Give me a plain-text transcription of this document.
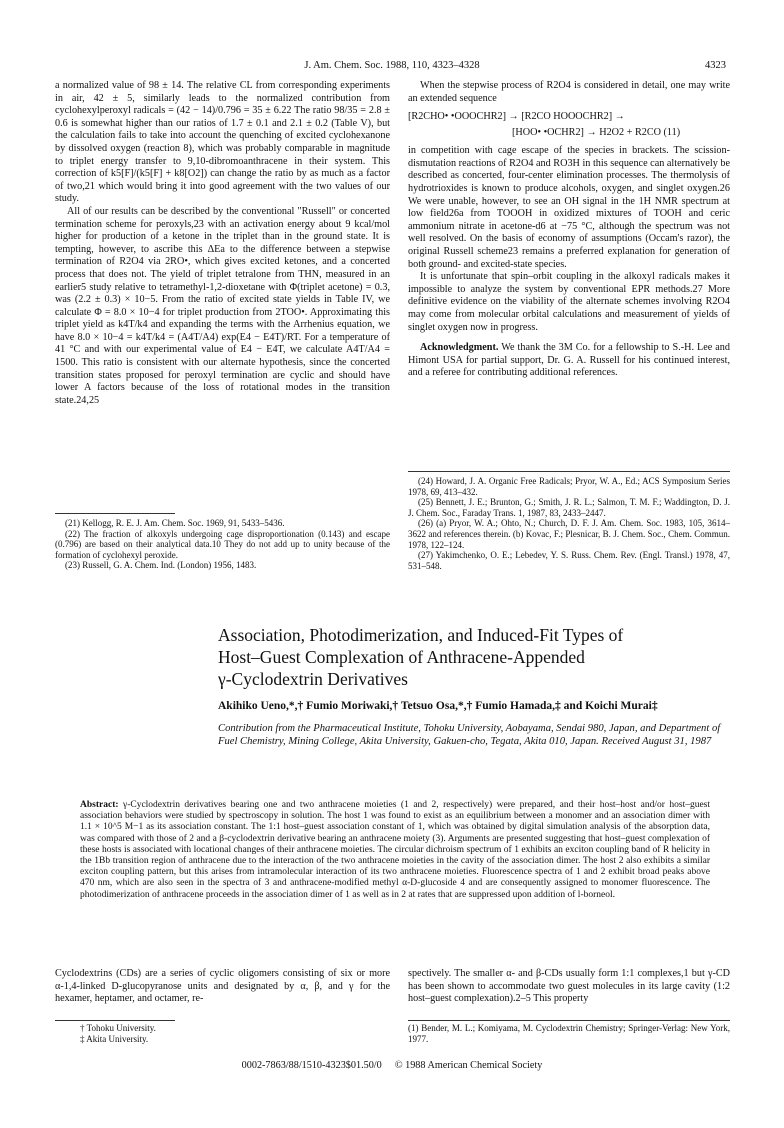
J. Am. Chem. Soc. 1988, 110, 4323–4328	4323

a normalized value of 98 ± 14. The relative CL from corresponding experiments in air, 42 ± 5, similarly leads to the normalized contribution from cyclohexylperoxyl radicals = (42 − 14)/0.796 = 35 ± 6.22 The ratio 98/35 = 2.8 ± 0.6 is somewhat higher than our ratios of 1.7 ± 0.1 and 2.1 ± 0.2 (Table V), but the calculation fails to take into account the quenching of excited cyclohexanone by dissolved oxygen (reaction 8), which was probably comparable in magnitude to triplet energy transfer to 9,10-dibromoanthracene in their system. This correction of k5[F]/(k5[F] + k8[O2]) can change the ratio by as much as a factor of two,21 which would bring it into good agreement with the two values of our study.

All of our results can be described by the conventional "Russell" or concerted termination scheme for peroxyls,23 with an activation energy about 9 kcal/mol higher for production of a ketone in the triplet than in the ground state. It is tempting, however, to ascribe this ΔEa to the difference between a stepwise termination of R2O4 via 2RO•, which gives excited ketones, and a concerted process that does not. The yield of triplet tetralone from THN, measured in an earlier5 study relative to tetramethyl-1,2-dioxetane with Φ(triplet acetone) = 0.3, was (2.2 ± 0.3) × 10−5. From the ratio of excited state yields in Table IV, we calculate Φ = 8.0 × 10−4 for triplet production from 2TOO•. Approximating this triplet yield as k4T/k4 and expanding the terms with the Arrhenius equation, we have 8.0 × 10−4 = k4T/k4 = (A4T/A4) exp(E4 − E4T)/RT. For a temperature of 41 °C and with our experimental value of E4 − E4T, we calculate A4T/A4 = 1500. This ratio is consistent with our alternate hypothesis, since the concerted transition states proposed for peroxyl termination are cyclic and should have lower A factors because of the loss of rotational modes in the transition state.24,25

(21) Kellogg, R. E. J. Am. Chem. Soc. 1969, 91, 5433–5436.
(22) The fraction of alkoxyls undergoing cage disproportionation (0.143) and escape (0.796) are based on their analytical data.10 They do not add up to unity because of the formation of cyclohexyl peroxide.
(23) Russell, G. A. Chem. Ind. (London) 1956, 1483.

When the stepwise process of R2O4 is considered in detail, one may write an extended sequence

[R2CHO• •OOOCHR2] → [R2CO HOOOCHR2] →
[HOO• •OCHR2] → H2O2 + R2CO (11)

in competition with cage escape of the species in brackets. The scission-dismutation reactions of R2O4 and RO3H in this sequence can alternatively be described as concerted, four-center elimination processes. The thermolysis of hydrotrioxides is known to produce alcohols, oxygen, and singlet oxygen.26 We were unable, however, to see an OH signal in the 1H NMR spectrum at low field26a from TOOOH in oxidized mixtures of TOOH and ceric ammonium nitrate in acetone-d6 at −75 °C, although the spectrum was not well resolved. On the basis of economy of assumptions (Occam's razor), the original Russell scheme23 remains a preferred explanation for generation of both ground- and excited-state species.

It is unfortunate that spin–orbit coupling in the alkoxyl radicals makes it impossible to analyze the system by conventional EPR methods.27 More definitive evidence on the viability of the alternate schemes involving R2O4 may come from molecular orbital calculations and measurement of yields of singlet oxygen now in progress.

Acknowledgment. We thank the 3M Co. for a fellowship to S.-H. Lee and Himont USA for partial support, Dr. G. A. Russell for his continued interest, and a referee for contributing additional references.

(24) Howard, J. A. Organic Free Radicals; Pryor, W. A., Ed.; ACS Symposium Series 1978, 69, 413–432.
(25) Bennett, J. E.; Brunton, G.; Smith, J. R. L.; Salmon, T. M. F.; Waddington, D. J. J. Chem. Soc., Faraday Trans. 1, 1987, 83, 2433–2447.
(26) (a) Pryor, W. A.; Ohto, N.; Church, D. F. J. Am. Chem. Soc. 1983, 105, 3614–3622 and references therein. (b) Kovac, F.; Plesnicar, B. J. Chem. Soc., Chem. Commun. 1978, 122–124.
(27) Yakimchenko, O. E.; Lebedev, Y. S. Russ. Chem. Rev. (Engl. Transl.) 1978, 47, 531–548.
Association, Photodimerization, and Induced-Fit Types of
Host–Guest Complexation of Anthracene-Appended
γ-Cyclodextrin Derivatives
Akihiko Ueno,*,† Fumio Moriwaki,† Tetsuo Osa,*,† Fumio Hamada,‡ and Koichi Murai‡
Contribution from the Pharmaceutical Institute, Tohoku University, Aobayama, Sendai 980, Japan, and Department of Fuel Chemistry, Mining College, Akita University, Gakuen-cho, Tegata, Akita 010, Japan. Received August 31, 1987
Abstract: γ-Cyclodextrin derivatives bearing one and two anthracene moieties (1 and 2, respectively) were prepared, and their host–host and/or host–guest association behaviors were studied by spectroscopy in solution. The host 1 was found to exist as an equilibrium between a monomer and an association dimer with 1.1 × 10^5 M−1 as its association constant. The 1:1 host–guest association constant of 1, which was obtained by digital simulation analysis of the absorption data, was compared with those of 2 and a β-cyclodextrin derivative bearing an anthracene moiety (3). Arguments are presented suggesting that host–guest complexation of these hosts is associated with locational changes of their anthracene moieties. The circular dichroism spectrum of 1 exhibits an exciton coupling band of R helicity in the 1Bb transition region of anthracene due to the interaction of the two anthracene moieties in the cavity of the association dimer. The host 2 also exhibits a similar exciton coupling pattern, but this arises from intramolecular interaction of its two anthracene moieties. Fluorescence spectra of 1 and 2 exhibit broad peaks above 470 nm, which are also seen in the spectra of 3 and anthracene-modified methyl α-D-glucoside 4 and are consequently assigned to monomer fluorescence. The photodimerization of anthracene proceeds in the association dimer of 1 as well as in 2 at rates that are suppressed upon addition of l-borneol.
Cyclodextrins (CDs) are a series of cyclic oligomers consisting of six or more α-1,4-linked D-glucopyranose units and designated by α, β, and γ for the hexamer, heptamer, and octamer, re-
spectively. The smaller α- and β-CDs usually form 1:1 complexes,1 but γ-CD has been shown to accommodate two guest molecules in its large cavity (1:2 host–guest complexation).2–5 This property
† Tohoku University.
‡ Akita University.
(1) Bender, M. L.; Komiyama, M. Cyclodextrin Chemistry; Springer-Verlag: New York, 1977.
0002-7863/88/1510-4323$01.50/0 © 1988 American Chemical Society
